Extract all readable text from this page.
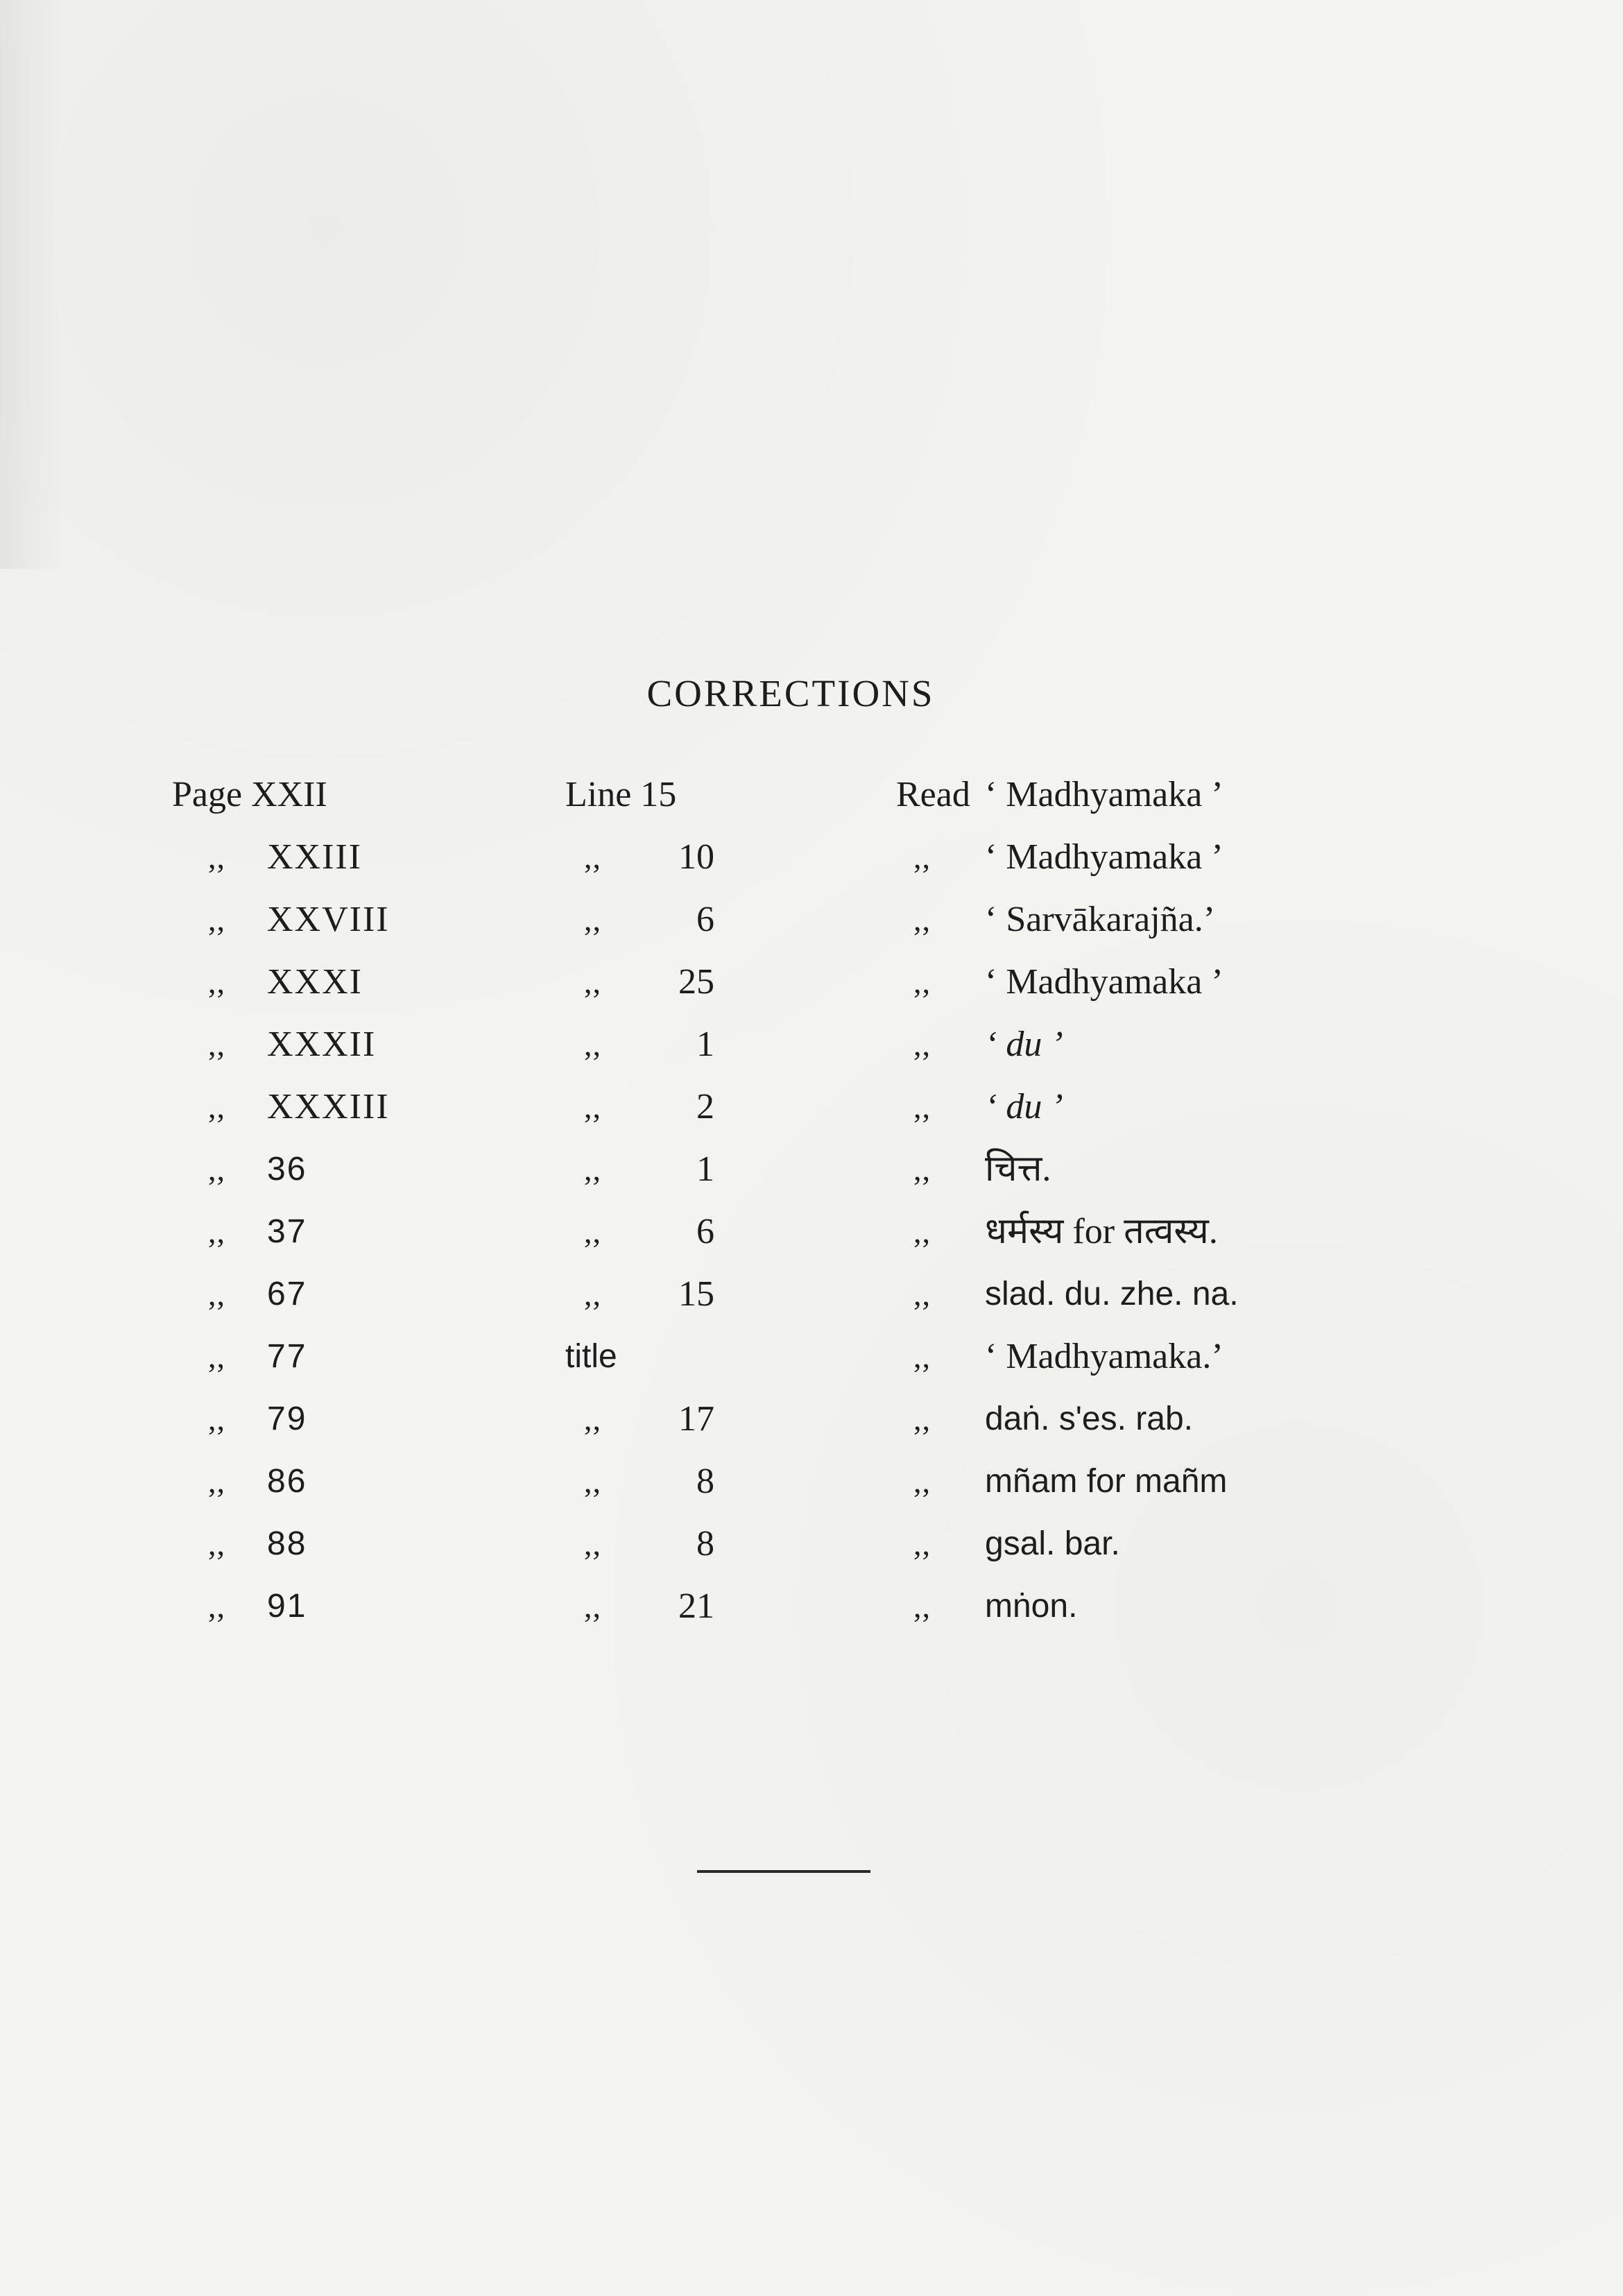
CORRECTIONS
Page XXII	Line 15	Read ‘ Madhyamaka ’
,, XXIII	,,	10	,, ‘ Madhyamaka ’
,, XXVIII	,,	6	,, ‘ Sarvākarajña.’
,, XXXI	,,	25	,, ‘ Madhyamaka ’
,, XXXII	,,	1	,, ‘ du ’
,, XXXIII	,,	2	,, ‘ du ’
,, 36	,,	1	,, चित्त.
,, 37	,,	6	,, धर्मस्य for तत्वस्य.
,, 67	,,	15	,, slad. du. zhe. na.
,, 77	title	,, ‘ Madhyamaka.’
,, 79	,,	17	,, daṅ. s'es. rab.
,, 86	,,	8	,, mñam for mañm
,, 88	,,	8	,, gsal. bar.
,, 91	,,	21	,, mṅon.
